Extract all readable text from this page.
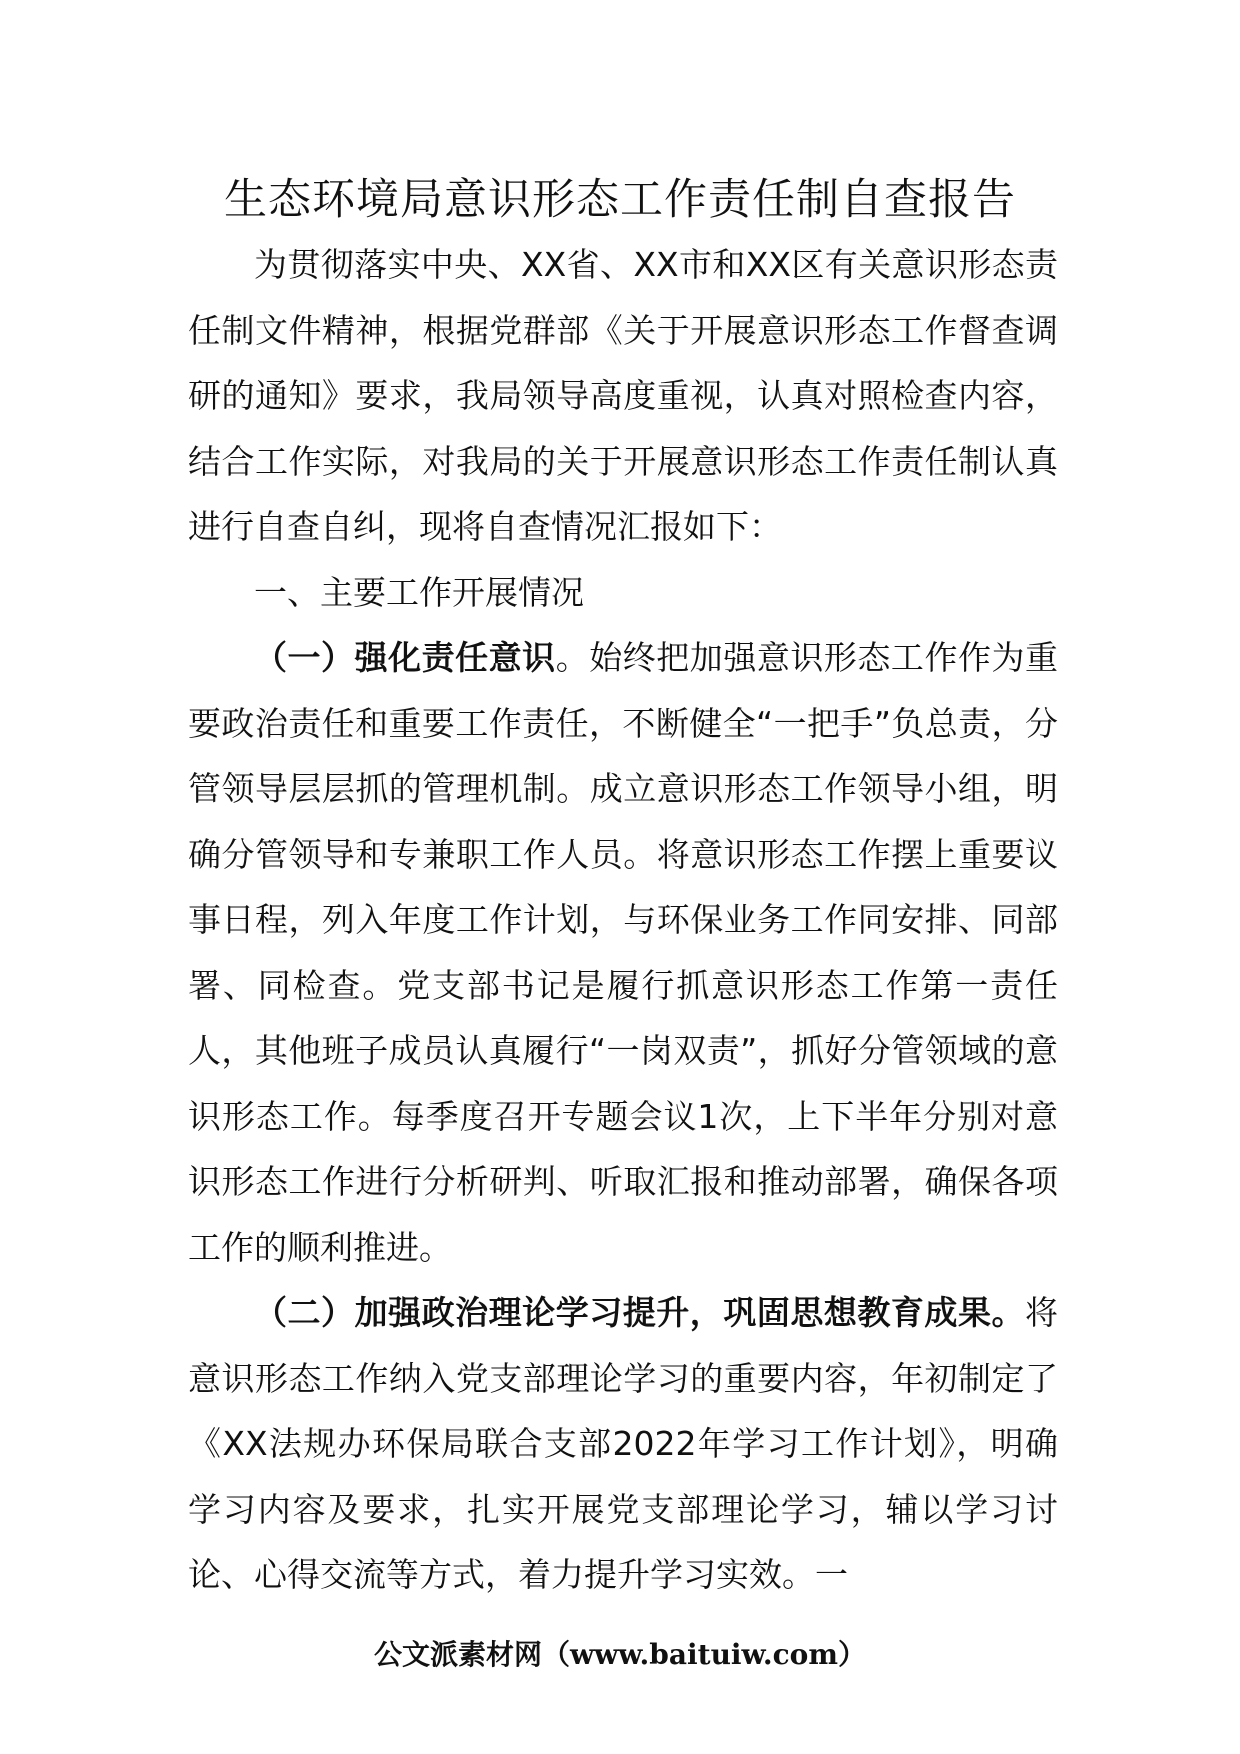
生态环境局意识形态工作责任制自查报告

为贯彻落实中央、XX省、XX市和XX区有关意识形态责任制文件精神，根据党群部《关于开展意识形态工作督查调研的通知》要求，我局领导高度重视，认真对照检查内容，结合工作实际，对我局的关于开展意识形态工作责任制认真进行自查自纠，现将自查情况汇报如下：

一、主要工作开展情况

（一）强化责任意识。始终把加强意识形态工作作为重要政治责任和重要工作责任，不断健全“一把手”负总责，分管领导层层抓的管理机制。成立意识形态工作领导小组，明确分管领导和专兼职工作人员。将意识形态工作摆上重要议事日程，列入年度工作计划，与环保业务工作同安排、同部署、同检查。党支部书记是履行抓意识形态工作第一责任人，其他班子成员认真履行“一岗双责”，抓好分管领域的意识形态工作。每季度召开专题会议1次，上下半年分别对意识形态工作进行分析研判、听取汇报和推动部署，确保各项工作的顺利推进。

（二）加强政治理论学习提升，巩固思想教育成果。将意识形态工作纳入党支部理论学习的重要内容，年初制定了《XX法规办环保局联合支部2022年学习工作计划》，明确学习内容及要求，扎实开展党支部理论学习，辅以学习讨论、心得交流等方式，着力提升学习实效。一

公文派素材网（www.baituiw.com）
